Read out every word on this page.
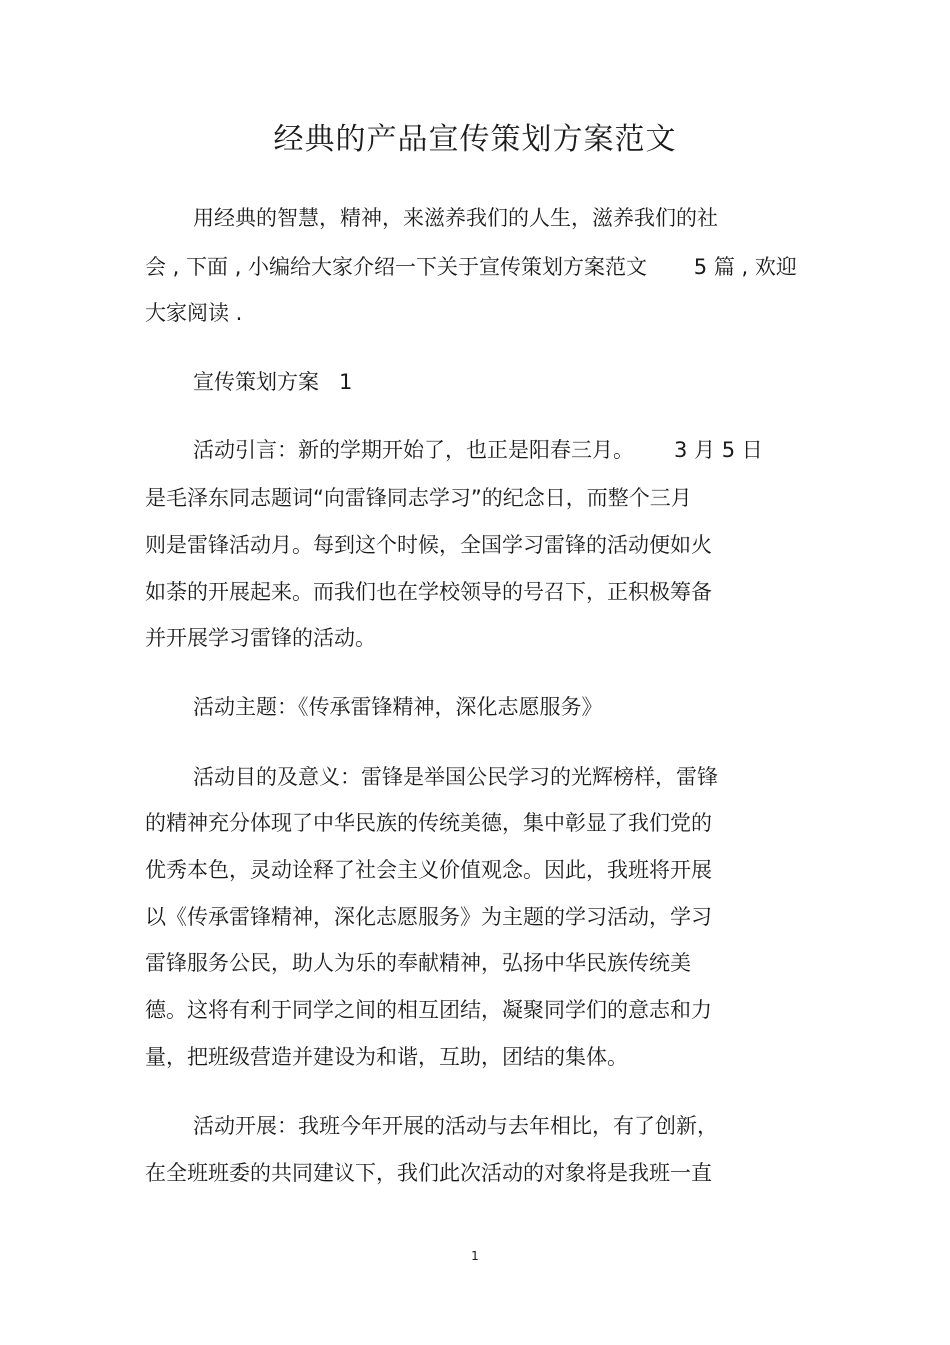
经典的产品宣传策划方案范文
用经典的智慧，精神，来滋养我们的人生，滋养我们的社
会 , 下面 , 小编给大家介绍一下关于宣传策划方案范文       5 篇 , 欢迎
大家阅读 .
宣传策划方案   1
活动引言：新的学期开始了，也正是阳春三月。      3 月 5 日
是毛泽东同志题词“向雷锋同志学习”的纪念日，而整个三月
则是雷锋活动月。每到这个时候，全国学习雷锋的活动便如火
如荼的开展起来。而我们也在学校领导的号召下，正积极筹备
并开展学习雷锋的活动。
活动主题：《传承雷锋精神，深化志愿服务》
活动目的及意义：雷锋是举国公民学习的光辉榜样，雷锋
的精神充分体现了中华民族的传统美德，集中彰显了我们党的
优秀本色，灵动诠释了社会主义价值观念。因此，我班将开展
以《传承雷锋精神，深化志愿服务》为主题的学习活动，学习
雷锋服务公民，助人为乐的奉献精神，弘扬中华民族传统美
德。这将有利于同学之间的相互团结，凝聚同学们的意志和力
量，把班级营造并建设为和谐，互助，团结的集体。
活动开展：我班今年开展的活动与去年相比，有了创新，
在全班班委的共同建议下，我们此次活动的对象将是我班一直
1
